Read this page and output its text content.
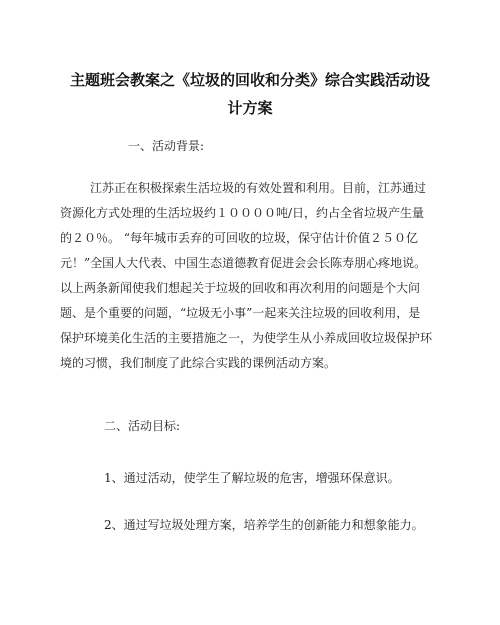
主题班会教案之《垃圾的回收和分类》综合实践活动设
计方案
一、活动背景:
江苏正在积极探索生活垃圾的有效处置和利用。目前，江苏通过
资源化方式处理的生活垃圾约１００００吨/日，约占全省垃圾产生量
的２０％。 “每年城市丢弃的可回收的垃圾，保守估计价值２５０亿
元！”全国人大代表、中国生态道德教育促进会会长陈寿朋心疼地说。
以上两条新闻使我们想起关于垃圾的回收和再次利用的问题是个大问
题、是个重要的问题，“垃圾无小事”一起来关注垃圾的回收利用，是
保护环境美化生活的主要措施之一，为使学生从小养成回收垃圾保护环
境的习惯，我们制度了此综合实践的课例活动方案。
二、活动目标:
1、通过活动，使学生了解垃圾的危害，增强环保意识。
2、通过写垃圾处理方案，培养学生的创新能力和想象能力。
